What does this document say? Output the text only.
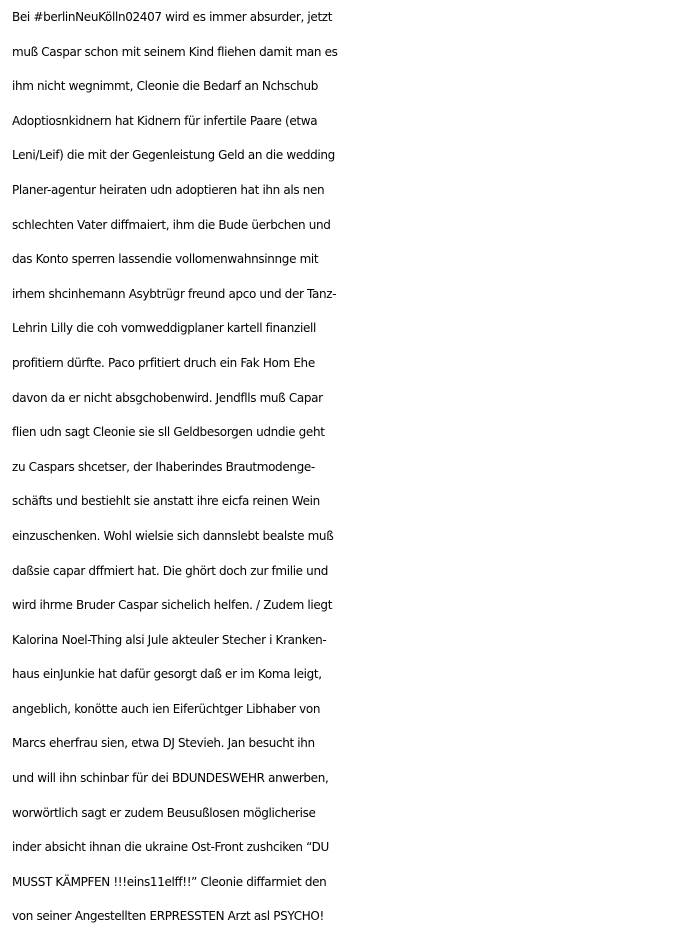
Bei #berlinNeuKölln02407 wird es immer absurder, jetzt
muß Caspar schon mit seinem Kind fliehen damit man es
ihm nicht wegnimmt, Cleonie die Bedarf an Nchschub
Adoptiosnkidnern hat Kidnern für infertile Paare (etwa
Leni/Leif) die mit der Gegenleistung Geld an die wedding
Planer-agentur heiraten udn adoptieren hat ihn als nen
schlechten Vater diffmaiert, ihm die Bude üerbchen und
das Konto sperren lassendie vollomenwahnsinnge mit
irhem shcinhemann Asybtrügr freund apco und der Tanz-
Lehrin Lilly die coh vomweddigplaner kartell finanziell
profitiern dürfte. Paco prfitiert druch ein Fak Hom Ehe
davon da er nicht absgchobenwird. Jendflls muß Capar
flien udn sagt Cleonie sie sll Geldbesorgen udndie geht
zu Caspars shcetser, der Ihaberindes Brautmodenge-
schäfts und bestiehlt sie anstatt ihre eicfa reinen Wein
einzuschenken. Wohl wielsie sich dannslebt bealste muß
daßsie capar dffmiert hat. Die ghört doch zur fmilie und
wird ihrme Bruder Caspar sichelich helfen. / Zudem liegt
Kalorina Noel-Thing alsi Jule akteuler Stecher i Kranken-
haus einJunkie hat dafür gesorgt daß er im Koma leigt,
angeblich, konötte auch ien Eiferüchtger Libhaber von
Marcs eherfrau sien, etwa DJ Stevieh. Jan besucht ihn
und will ihn schinbar für dei BDUNDESWEHR anwerben,
worwörtlich sagt er zudem Beusußlosen möglicherise
inder absicht ihnan die ukraine Ost-Front zushciken “DU
MUSST KÄMPFEN !!!eins11elff!!” Cleonie diffarmiet den
von seiner Angestellten ERPRESSTEN Arzt asl PSYCHO!
